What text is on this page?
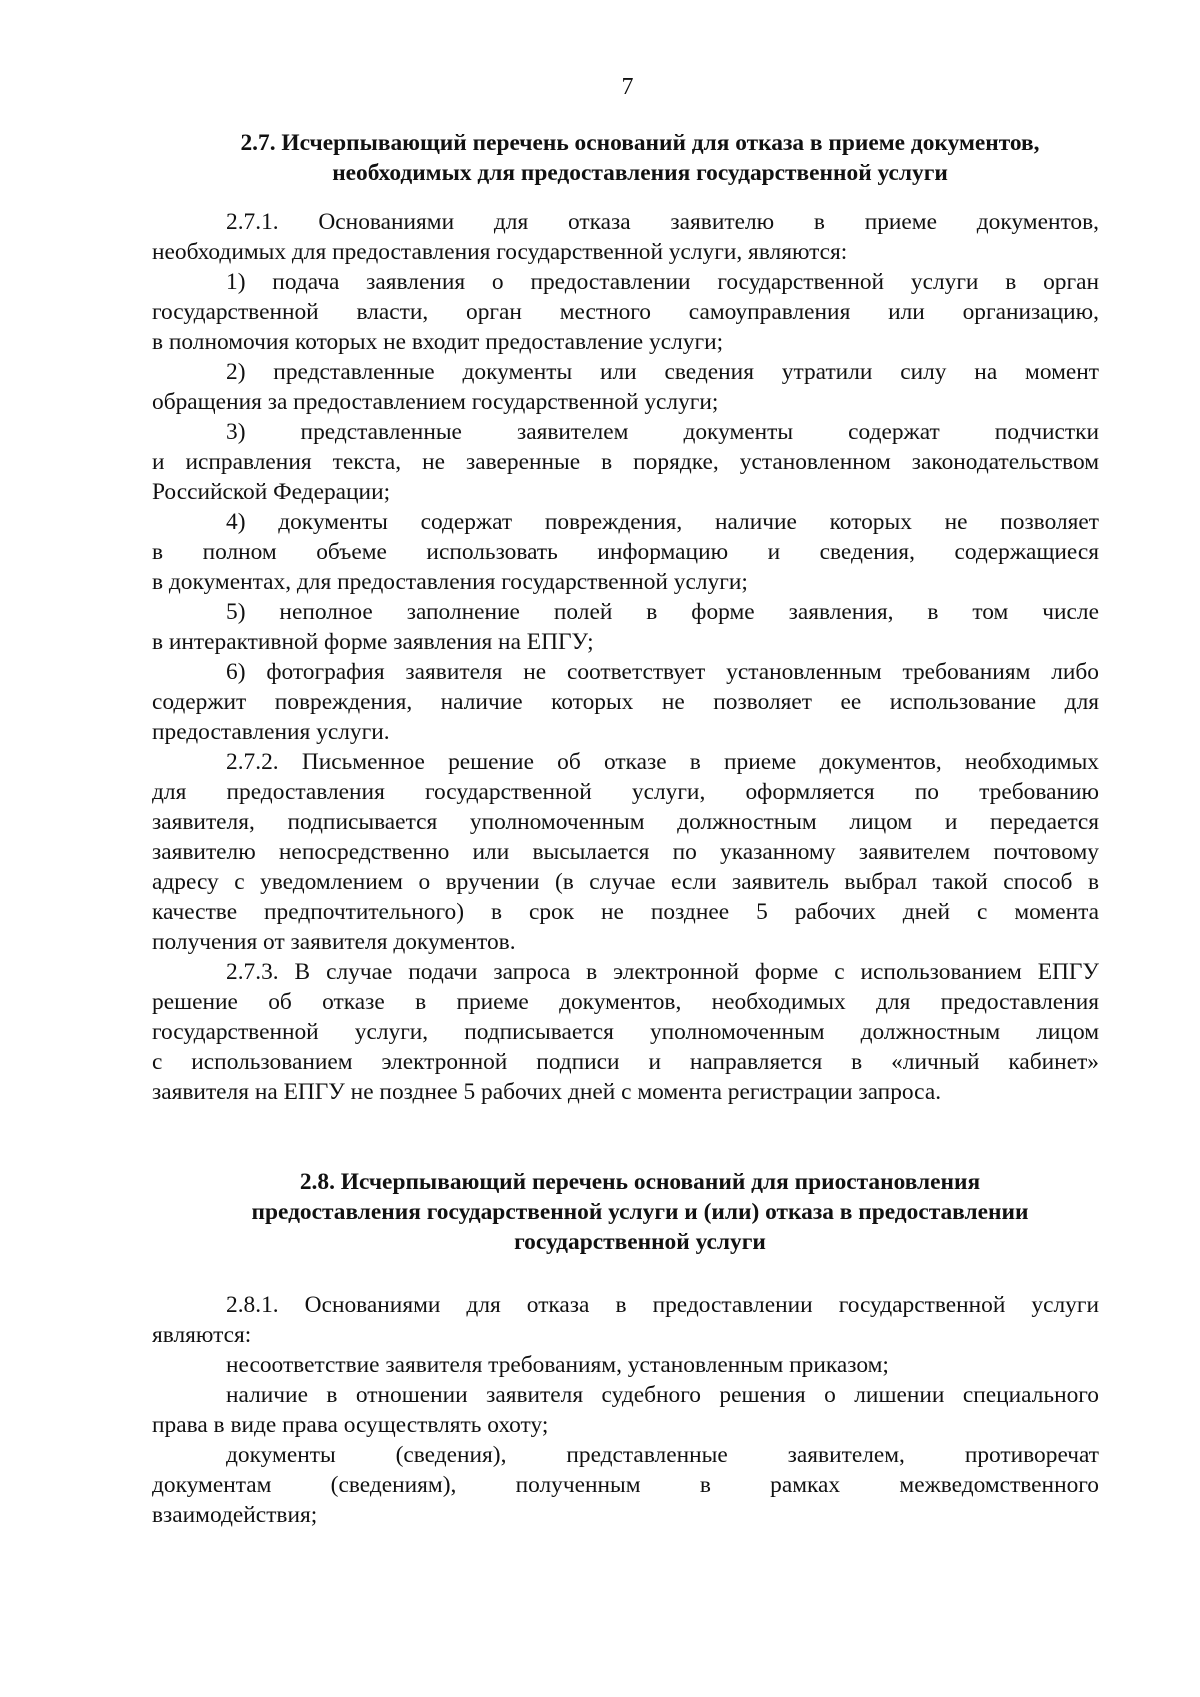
7

2.7. Исчерпывающий перечень оснований для отказа в приеме документов,

необходимых для предоставления государственной услуги

2.7.1. Основаниями для отказа заявителю в приеме документов,

необходимых для предоставления государственной услуги, являются:

1) подача заявления о предоставлении государственной услуги в орган

государственной власти, орган местного самоуправления или организацию,

в полномочия которых не входит предоставление услуги;

2) представленные документы или сведения утратили силу на момент

обращения за предоставлением государственной услуги;

3) представленные заявителем документы содержат подчистки

и исправления текста, не заверенные в порядке, установленном законодательством

Российской Федерации;

4) документы содержат повреждения, наличие которых не позволяет

в полном объеме использовать информацию и сведения, содержащиеся

в документах, для предоставления государственной услуги;

5) неполное заполнение полей в форме заявления, в том числе

в интерактивной форме заявления на ЕПГУ;

6) фотография заявителя не соответствует установленным требованиям либо

содержит повреждения, наличие которых не позволяет ее использование для

предоставления услуги.

2.7.2. Письменное решение об отказе в приеме документов, необходимых

для предоставления государственной услуги, оформляется по требованию

заявителя, подписывается уполномоченным должностным лицом и передается

заявителю непосредственно или высылается по указанному заявителем почтовому

адресу с уведомлением о вручении (в случае если заявитель выбрал такой способ в

качестве предпочтительного) в срок не позднее 5 рабочих дней с момента

получения от заявителя документов.

2.7.3. В случае подачи запроса в электронной форме с использованием ЕПГУ

решение об отказе в приеме документов, необходимых для предоставления

государственной услуги, подписывается уполномоченным должностным лицом

с использованием электронной подписи и направляется в «личный кабинет»

заявителя на ЕПГУ не позднее 5 рабочих дней с момента регистрации запроса.

2.8. Исчерпывающий перечень оснований для приостановления

предоставления государственной услуги и (или) отказа в предоставлении

государственной услуги

2.8.1. Основаниями для отказа в предоставлении государственной услуги

являются:

несоответствие заявителя требованиям, установленным приказом;

наличие в отношении заявителя судебного решения о лишении специального

права в виде права осуществлять охоту;

документы (сведения), представленные заявителем, противоречат

документам (сведениям), полученным в рамках межведомственного

взаимодействия;
